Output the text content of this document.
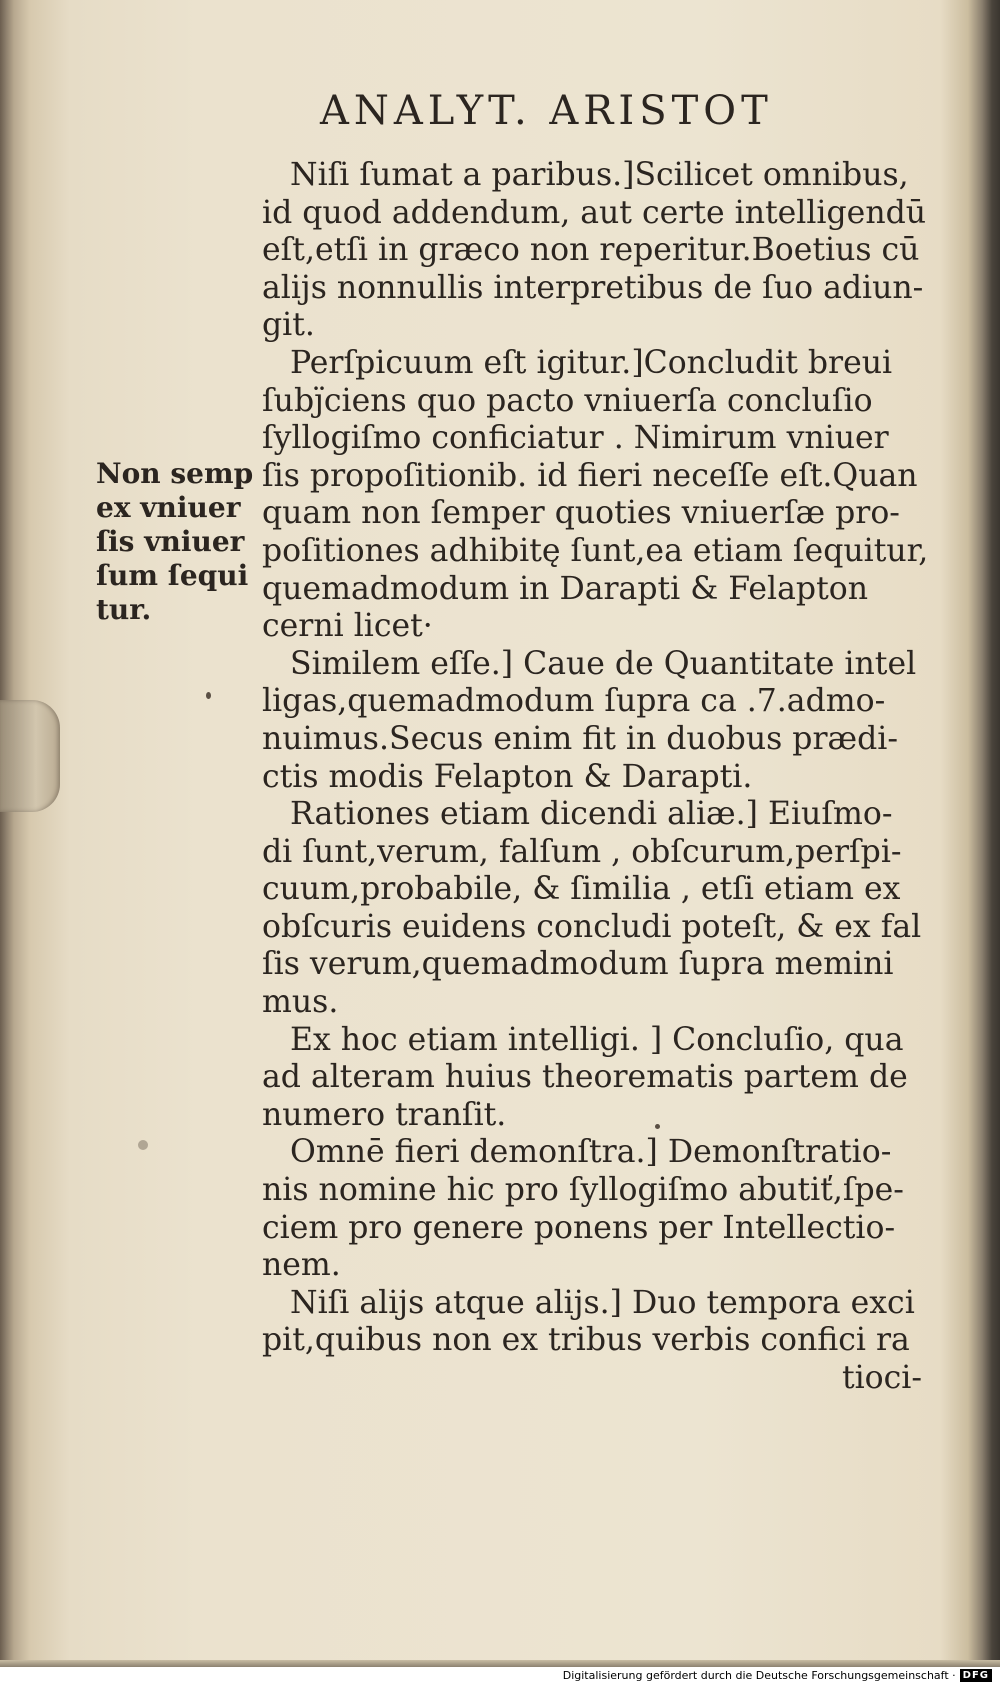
ANALYT. ARISTOT
Non semp
ex vniuer
ſis vniuer
ſum ſequi
tur.
Niſi ſumat a paribus.]Scilicet omnibus,
id quod addendum, aut certe intelligendū
eſt,etſi in græco non reperitur.Boetius cū
aliјs nonnullis interpretibus de ſuo adiun-
git.
Perſpicuum eſt igitur.]Concludit breui
ſubȷ̈ciens quo pacto vniuerſa concluſio
ſyllogiſmo conficiatur . Nimirum vniuer
ſis propoſitionib. id fieri neceſſe eſt.Quan
quam non ſemper quoties vniuerſæ pro-
poſitiones adhibitę ſunt,ea etiam ſequitur,
quemadmodum in Darapti & Felapton
cerni licet·
Similem eſſe.] Caue de Quantitate intel
ligas,quemadmodum ſupra ca .7.admo-
nuimus.Secus enim fit in duobus prædi-
ctis modis Felapton & Darapti.
Rationes etiam dicendi aliæ.] Eiuſmo-
di ſunt,verum, falſum , obſcurum,perſpi-
cuum,probabile, & ſimilia , etſi etiam ex
obſcuris euidens concludi poteſt, & ex fal
ſis verum,quemadmodum ſupra memini
mus.
Ex hoc etiam intelligi. ] Concluſio, qua
ad alteram huius theorematis partem de
numero tranſit.
Omnē fieri demonſtra.] Demonſtratio-
nis nomine hic pro ſyllogiſmo abutiť,ſpe-
ciem pro genere ponens per Intellectio-
nem.
Niſi aliјs atque aliјs.] Duo tempora exci
pit,quibus non ex tribus verbis confici ra
tioci-
Digitalisierung gefördert durch die Deutsche Forschungsgemeinschaft · DFG
